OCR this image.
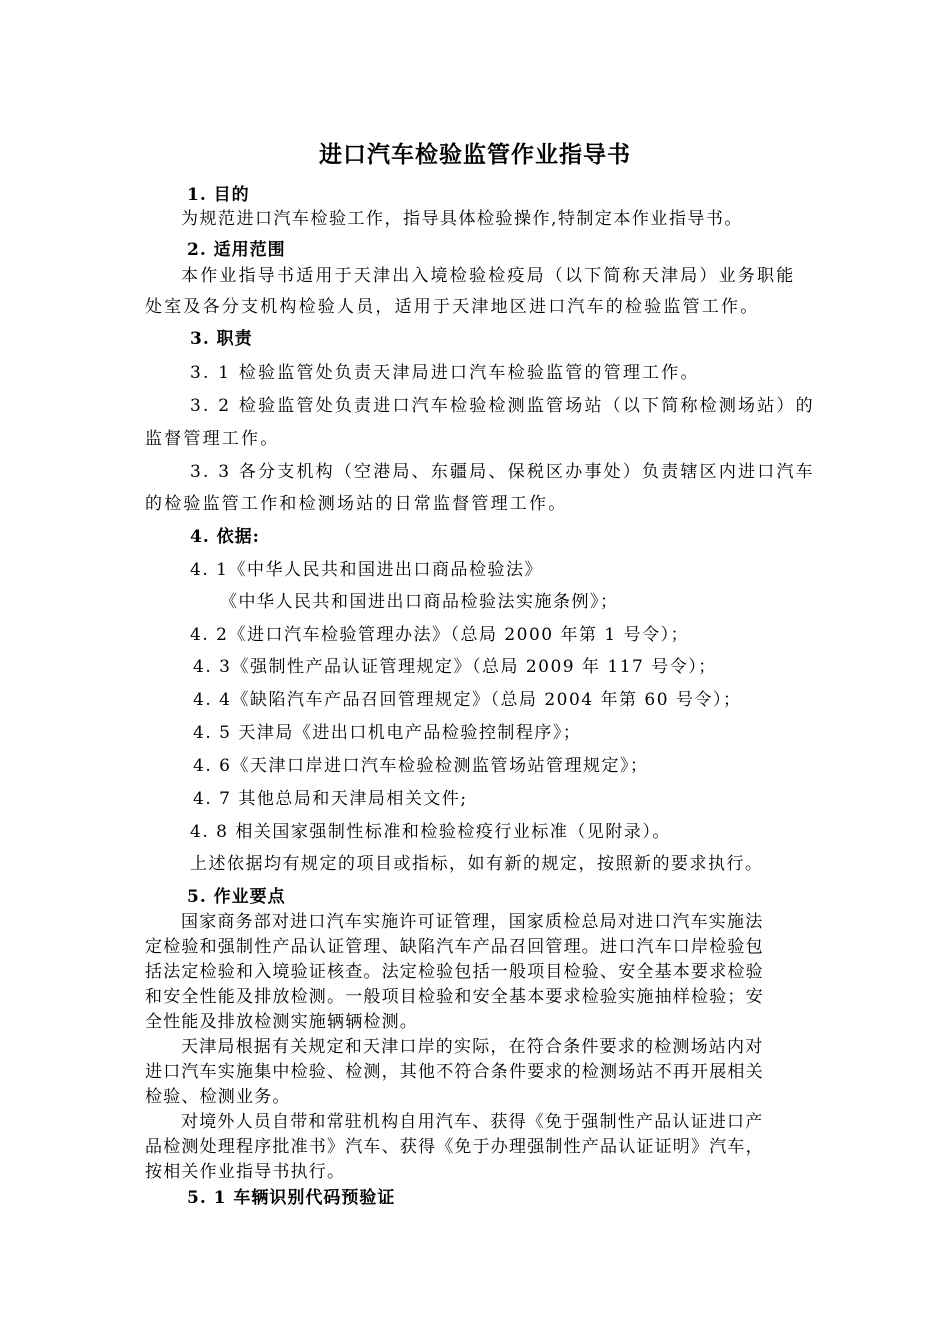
进口汽车检验监管作业指导书
1. 目的
为规范进口汽车检验工作，指导具体检验操作,特制定本作业指导书。
2. 适用范围
本作业指导书适用于天津出入境检验检疫局（以下简称天津局）业务职能
处室及各分支机构检验人员，适用于天津地区进口汽车的检验监管工作。
3. 职责
3. 1 检验监管处负责天津局进口汽车检验监管的管理工作。
3. 2 检验监管处负责进口汽车检验检测监管场站（以下简称检测场站）的
监督管理工作。
3. 3 各分支机构（空港局、东疆局、保税区办事处）负责辖区内进口汽车
的检验监管工作和检测场站的日常监督管理工作。
4. 依据:
4. 1《中华人民共和国进出口商品检验法》
《中华人民共和国进出口商品检验法实施条例》；
4. 2《进口汽车检验管理办法》（总局 2000 年第 1 号令）；
4. 3《强制性产品认证管理规定》（总局 2009 年 117 号令）；
4. 4《缺陷汽车产品召回管理规定》（总局 2004 年第 60 号令）；
4. 5 天津局《进出口机电产品检验控制程序》；
4. 6《天津口岸进口汽车检验检测监管场站管理规定》；
4. 7 其他总局和天津局相关文件;
4. 8 相关国家强制性标准和检验检疫行业标准（见附录）。
上述依据均有规定的项目或指标，如有新的规定，按照新的要求执行。
5. 作业要点
国家商务部对进口汽车实施许可证管理，国家质检总局对进口汽车实施法
定检验和强制性产品认证管理、缺陷汽车产品召回管理。进口汽车口岸检验包
括法定检验和入境验证核查。法定检验包括一般项目检验、安全基本要求检验
和安全性能及排放检测。一般项目检验和安全基本要求检验实施抽样检验；安
全性能及排放检测实施辆辆检测。
天津局根据有关规定和天津口岸的实际，在符合条件要求的检测场站内对
进口汽车实施集中检验、检测，其他不符合条件要求的检测场站不再开展相关
检验、检测业务。
对境外人员自带和常驻机构自用汽车、获得《免于强制性产品认证进口产
品检测处理程序批准书》汽车、获得《免于办理强制性产品认证证明》汽车，
按相关作业指导书执行。
5. 1 车辆识别代码预验证
